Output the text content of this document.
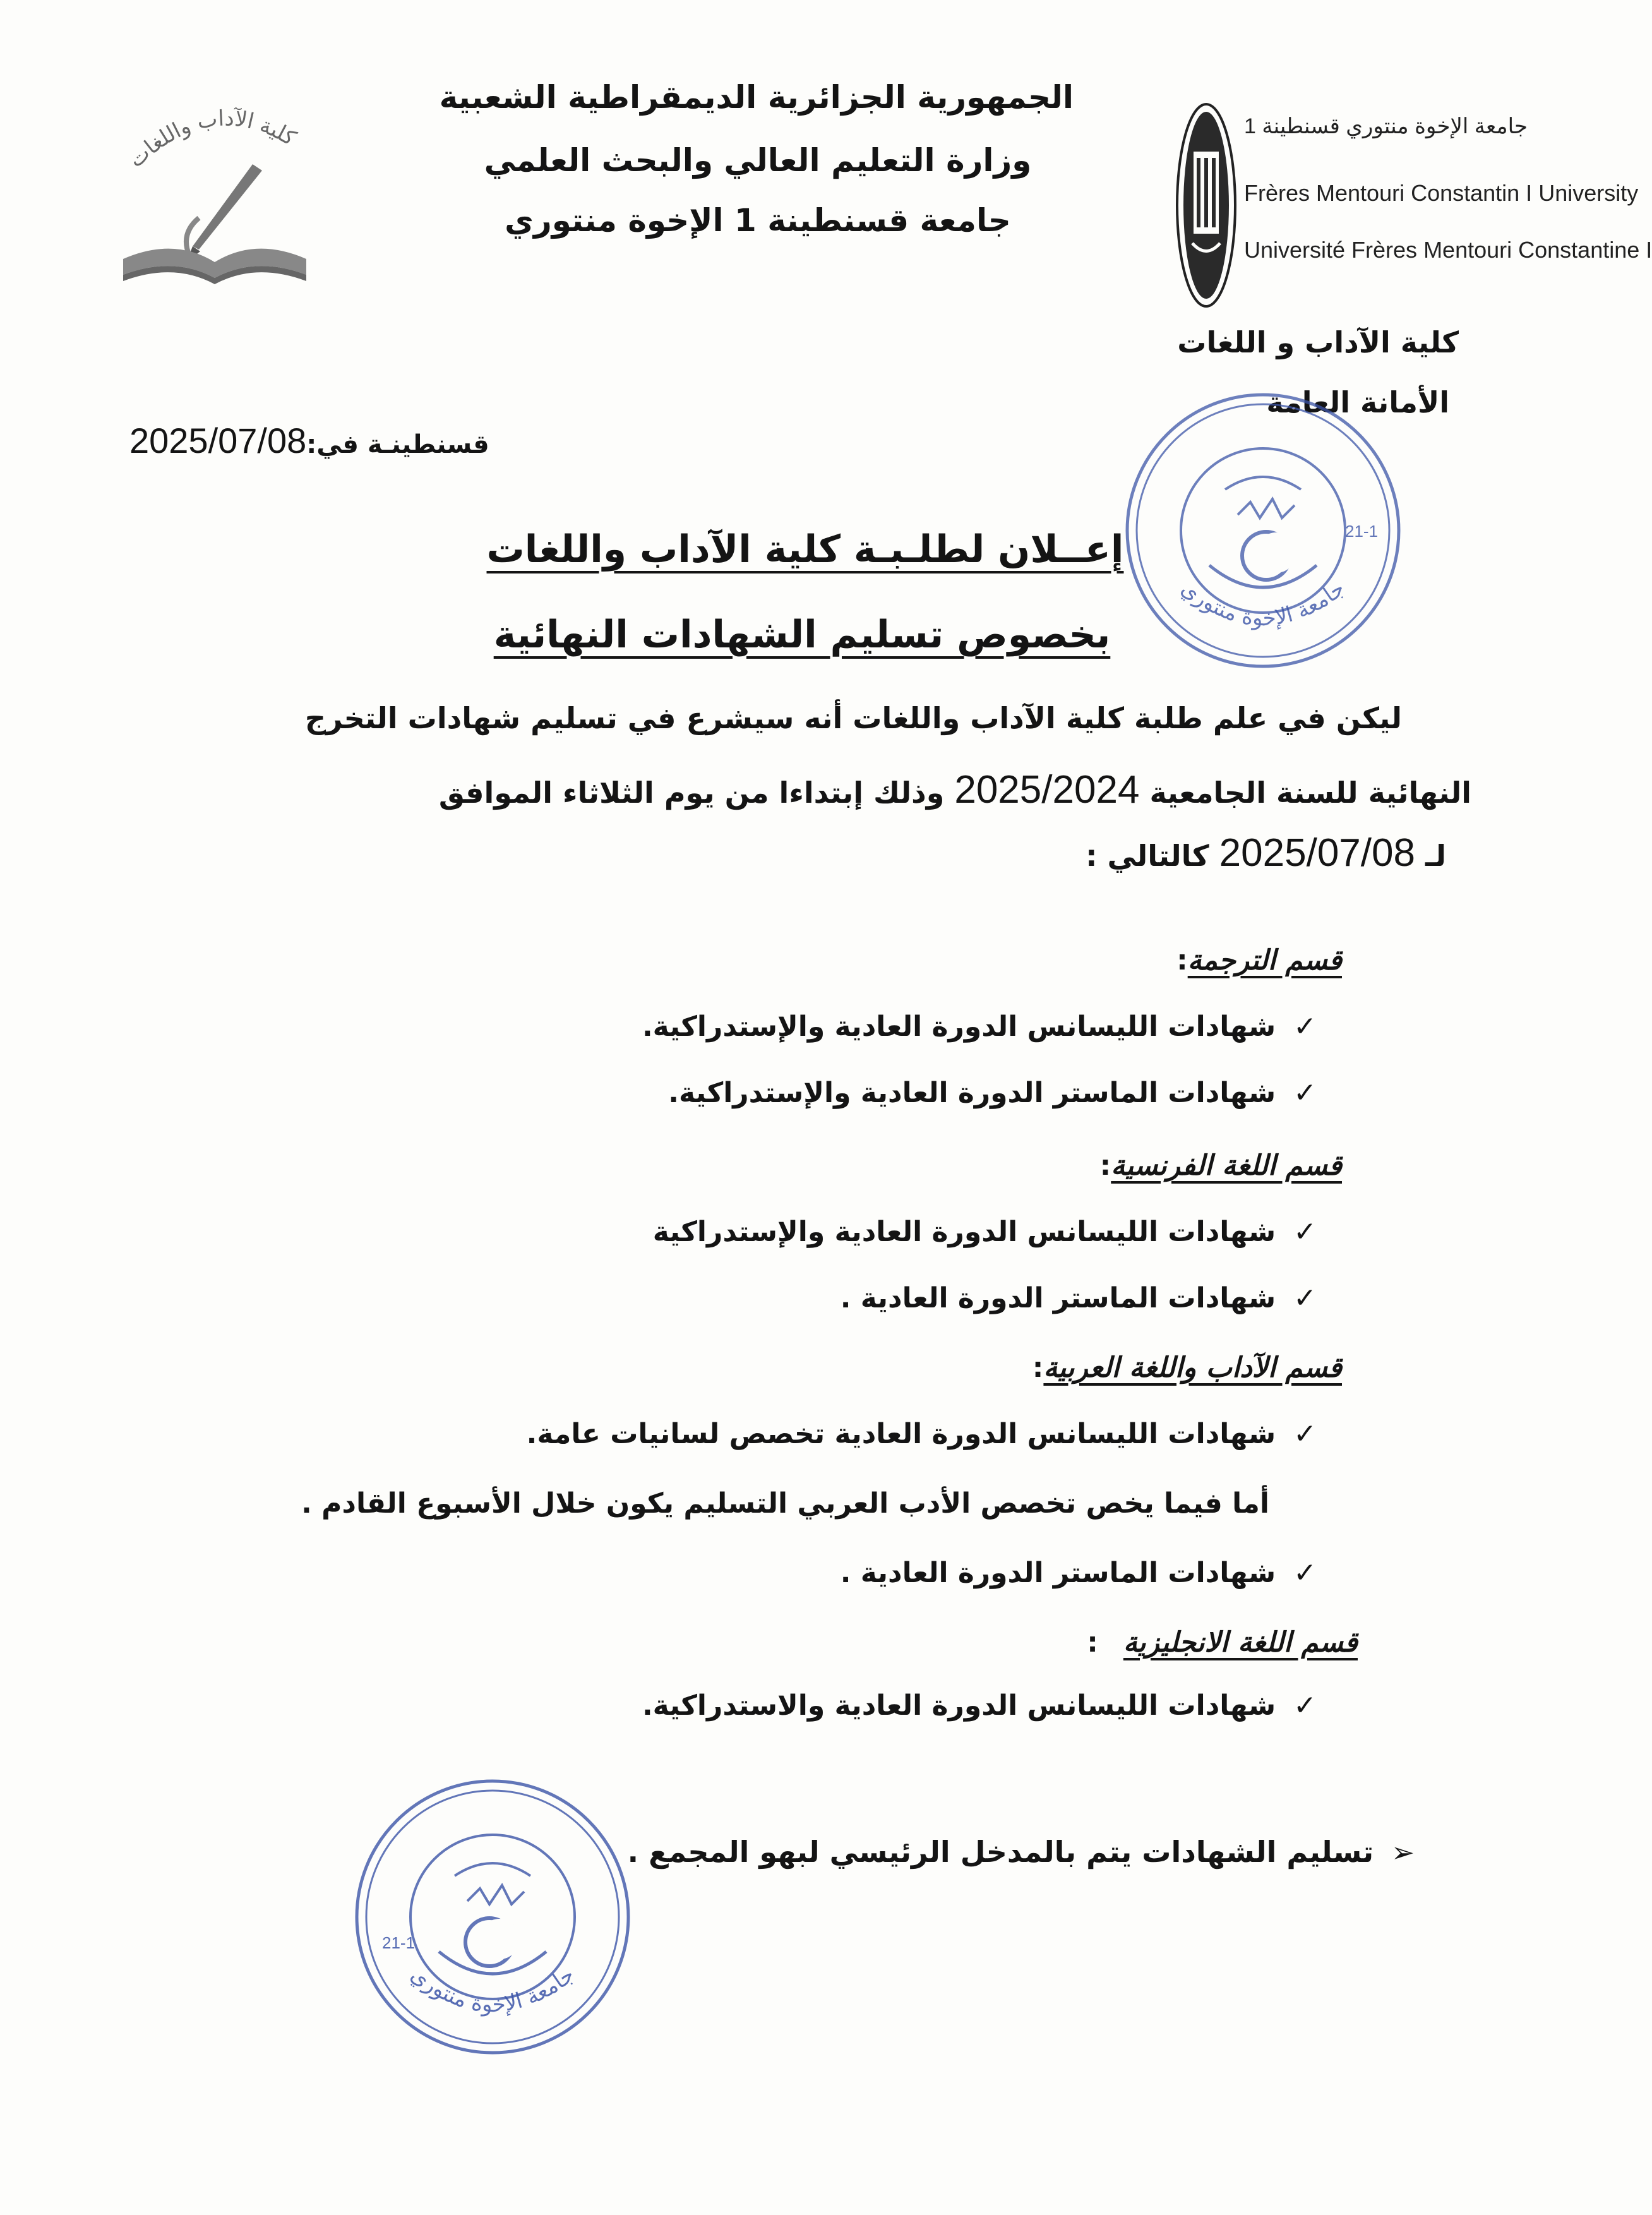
الجمهورية الجزائرية الديمقراطية الشعبية
وزارة التعليم العالي والبحث العلمي
جامعة قسنطينة 1 الإخوة منتوري
جامعة الإخوة منتوري قسنطينة 1
Frères Mentouri Constantin I University
Université Frères Mentouri Constantine I
كلية الآداب واللغات
كلية الآداب و اللغات
الأمانة العامة
قسنطينـة في:2025/07/08
جامعة الإخوة منتوري
21-1
إعــلان لطلـبـة كلية الآداب واللغات
بخصوص تسليم الشهادات النهائية
ليكن في علم طلبة كلية الآداب واللغات أنه سيشرع في تسليم شهادات التخرج
النهائية للسنة الجامعية 2025/2024 وذلك إبتداءا من يوم الثلاثاء الموافق
لـ 2025/07/08 كالتالي :
قسم الترجمة:
✓شهادات الليسانس الدورة العادية والإستدراكية.
✓شهادات الماستر الدورة العادية والإستدراكية.
قسم اللغة الفرنسية:
✓شهادات الليسانس الدورة العادية والإستدراكية
✓شهادات الماستر الدورة العادية .
قسم الآداب واللغة العربية:
✓شهادات الليسانس الدورة العادية تخصص لسانيات عامة.
أما فيما يخص تخصص الأدب العربي التسليم يكون خلال الأسبوع القادم .
✓شهادات الماستر الدورة العادية .
قسم اللغة الانجليزية:
✓شهادات الليسانس الدورة العادية والاستدراكية.
➢تسليم الشهادات يتم بالمدخل الرئيسي لبهو المجمع .
جامعة الإخوة منتوري
21-1
